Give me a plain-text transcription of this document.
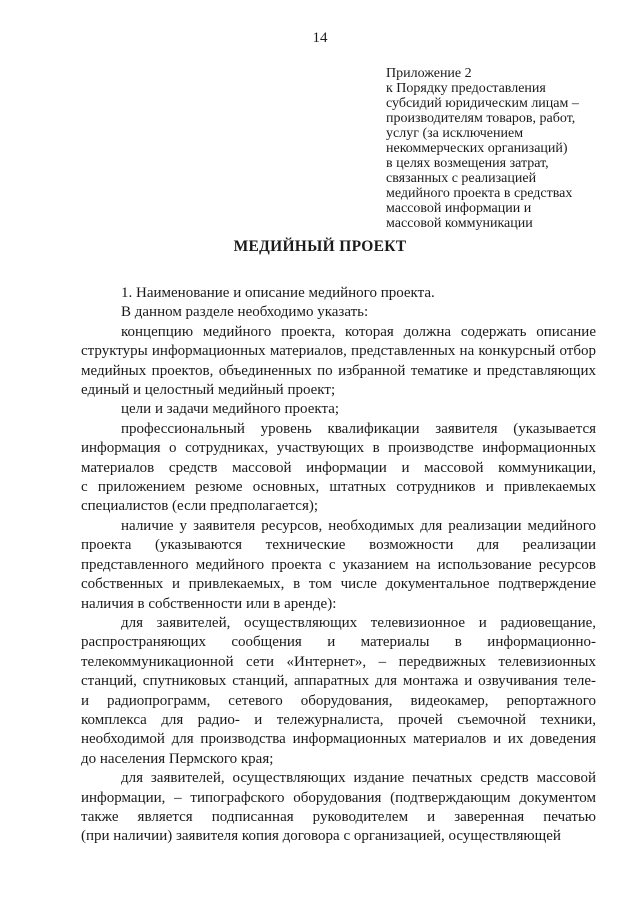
14
Приложение 2
к Порядку предоставления
субсидий юридическим лицам –
производителям товаров, работ,
услуг (за исключением
некоммерческих организаций)
в целях возмещения затрат,
связанных с реализацией
медийного проекта в средствах
массовой информации и
массовой коммуникации
МЕДИЙНЫЙ ПРОЕКТ
1. Наименование и описание медийного проекта.
В данном разделе необходимо указать:
концепцию медийного проекта, которая должна содержать описание
структуры информационных материалов, представленных на конкурсный отбор
медийных проектов, объединенных по избранной тематике и представляющих
единый и целостный медийный проект;
цели и задачи медийного проекта;
профессиональный уровень квалификации заявителя (указывается
информация о сотрудниках, участвующих в производстве информационных
материалов средств массовой информации и массовой коммуникации,
с приложением резюме основных, штатных сотрудников и привлекаемых
специалистов (если предполагается);
наличие у заявителя ресурсов, необходимых для реализации медийного
проекта (указываются технические возможности для реализации
представленного медийного проекта с указанием на использование ресурсов
собственных и привлекаемых, в том числе документальное подтверждение
наличия в собственности или в аренде):
для заявителей, осуществляющих телевизионное и радиовещание,
распространяющих сообщения и материалы в информационно-
телекоммуникационной сети «Интернет», – передвижных телевизионных
станций, спутниковых станций, аппаратных для монтажа и озвучивания теле-
и радиопрограмм, сетевого оборудования, видеокамер, репортажного
комплекса для радио- и тележурналиста, прочей съемочной техники,
необходимой для производства информационных материалов и их доведения
до населения Пермского края;
для заявителей, осуществляющих издание печатных средств массовой
информации, – типографского оборудования (подтверждающим документом
также является подписанная руководителем и заверенная печатью
(при наличии) заявителя копия договора с организацией, осуществляющей
